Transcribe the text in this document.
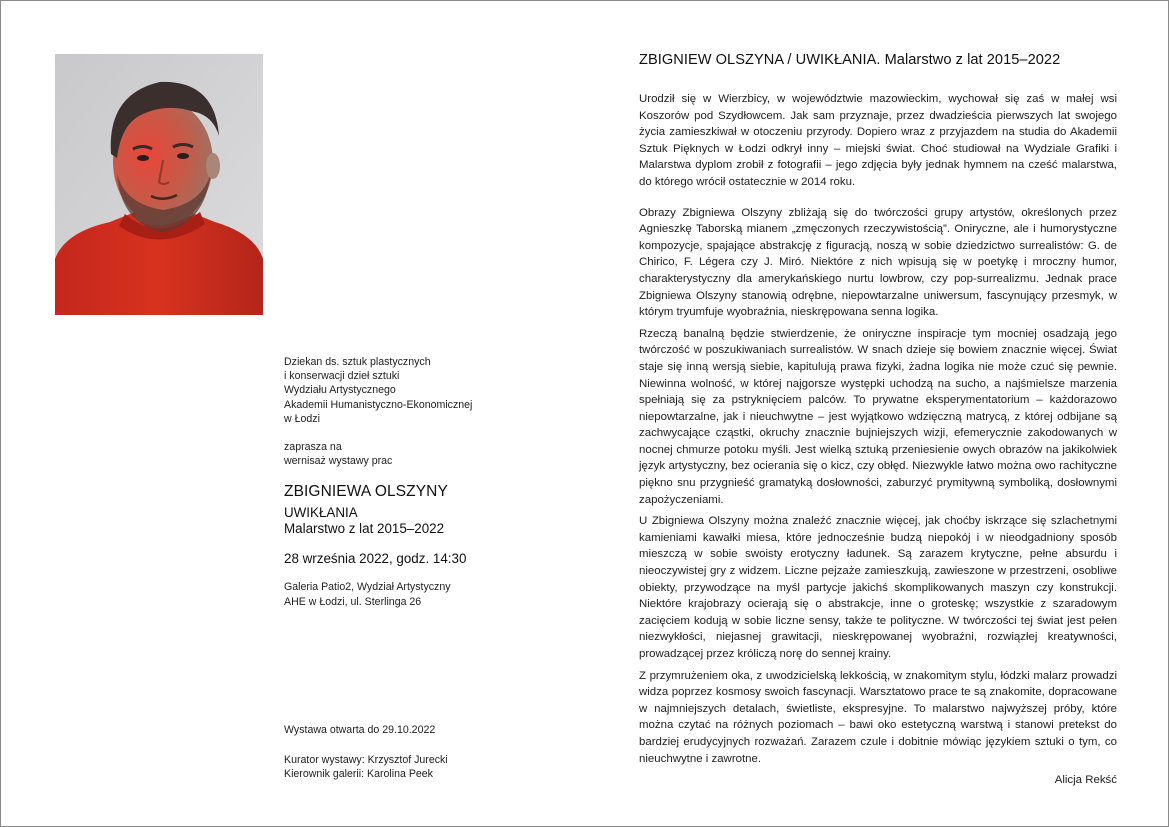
Dziekan ds. sztuk plastycznych
i konserwacji dzieł sztuki
Wydziału Artystycznego
Akademii Humanistyczno-Ekonomicznej
w Łodzi
zaprasza na
wernisaż wystawy prac
ZBIGNIEWA OLSZYNY
UWIKŁANIA
Malarstwo z lat 2015–2022
28 września 2022, godz. 14:30
Galeria Patio2, Wydział Artystyczny
AHE w Łodzi, ul. Sterlinga 26
Wystawa otwarta do 29.10.2022
Kurator wystawy: Krzysztof Jurecki
Kierownik galerii: Karolina Peek
ZBIGNIEW OLSZYNA / UWIKŁANIA. Malarstwo z lat 2015–2022

Urodził się w Wierzbicy, w województwie mazowieckim, wychował się zaś w małej wsi Koszorów pod Szydłowcem. Jak sam przyznaje, przez dwadzieścia pierwszych lat swojego życia zamieszkiwał w otoczeniu przyrody. Dopiero wraz z przyjazdem na studia do Akademii Sztuk Pięknych w Łodzi odkrył inny – miejski świat. Choć studiował na Wydziale Grafiki i Malarstwa dyplom zrobił z fotografii – jego zdjęcia były jednak hymnem na cześć malarstwa, do którego wrócił ostatecznie w 2014 roku.

Obrazy Zbigniewa Olszyny zbliżają się do twórczości grupy artystów, określonych przez Agnieszkę Taborską mianem „zmęczonych rzeczywistością”. Oniryczne, ale i humorystyczne kompozycje, spajające abstrakcję z figuracją, noszą w sobie dziedzictwo surrealistów: G. de Chirico, F. Légera czy J. Miró. Niektóre z nich wpisują się w poetykę i mroczny humor, charakterystyczny dla amerykańskiego nurtu lowbrow, czy pop-surrealizmu. Jednak prace Zbigniewa Olszyny stanowią odrębne, niepowtarzalne uniwersum, fascynujący przesmyk, w którym tryumfuje wyobraźnia, nieskrępowana senna logika.

Rzeczą banalną będzie stwierdzenie, że oniryczne inspiracje tym mocniej osadzają jego twórczość w poszukiwaniach surrealistów. W snach dzieje się bowiem znacznie więcej. Świat staje się inną wersją siebie, kapitulują prawa fizyki, żadna logika nie może czuć się pewnie. Niewinna wolność, w której najgorsze występki uchodzą na sucho, a najśmielsze marzenia spełniają się za pstryknięciem palców. To prywatne eksperymentatorium – każdorazowo niepowtarzalne, jak i nieuchwytne – jest wyjątkowo wdzięczną matrycą, z której odbijane są zachwycające cząstki, okruchy znacznie bujniejszych wizji, efemerycznie zakodowanych w nocnej chmurze potoku myśli. Jest wielką sztuką przeniesienie owych obrazów na jakikolwiek język artystyczny, bez ocierania się o kicz, czy obłęd. Niezwykle łatwo można owo rachityczne piękno snu przygnieść gramatyką dosłowności, zaburzyć prymitywną symboliką, dosłownymi zapożyczeniami.

U Zbigniewa Olszyny można znaleźć znacznie więcej, jak choćby iskrzące się szlachetnymi kamieniami kawałki miesa, które jednocześnie budzą niepokój i w nieodgadniony sposób mieszczą w sobie swoisty erotyczny ładunek. Są zarazem krytyczne, pełne absurdu i nieoczywistej gry z widzem. Liczne pejzaże zamieszkują, zawieszone w przestrzeni, osobliwe obiekty, przywodzące na myśl partycje jakichś skomplikowanych maszyn czy konstrukcji. Niektóre krajobrazy ocierają się o abstrakcje, inne o groteskę; wszystkie z szaradowym zacięciem kodują w sobie liczne sensy, także te polityczne. W twórczości tej świat jest pełen niezwykłości, niejasnej grawitacji, nieskrępowanej wyobraźni, rozwiązłej kreatywności, prowadzącej przez króliczą norę do sennej krainy.

Z przymrużeniem oka, z uwodzicielską lekkością, w znakomitym stylu, łódzki malarz prowadzi widza poprzez kosmosy swoich fascynacji. Warsztatowo prace te są znakomite, dopracowane w najmniejszych detalach, świetliste, ekspresyjne. To malarstwo najwyższej próby, które można czytać na różnych poziomach – bawi oko estetyczną warstwą i stanowi pretekst do bardziej erudycyjnych rozważań. Zarazem czule i dobitnie mówiąc językiem sztuki o tym, co nieuchwytne i zawrotne.

Alicja Rekść
